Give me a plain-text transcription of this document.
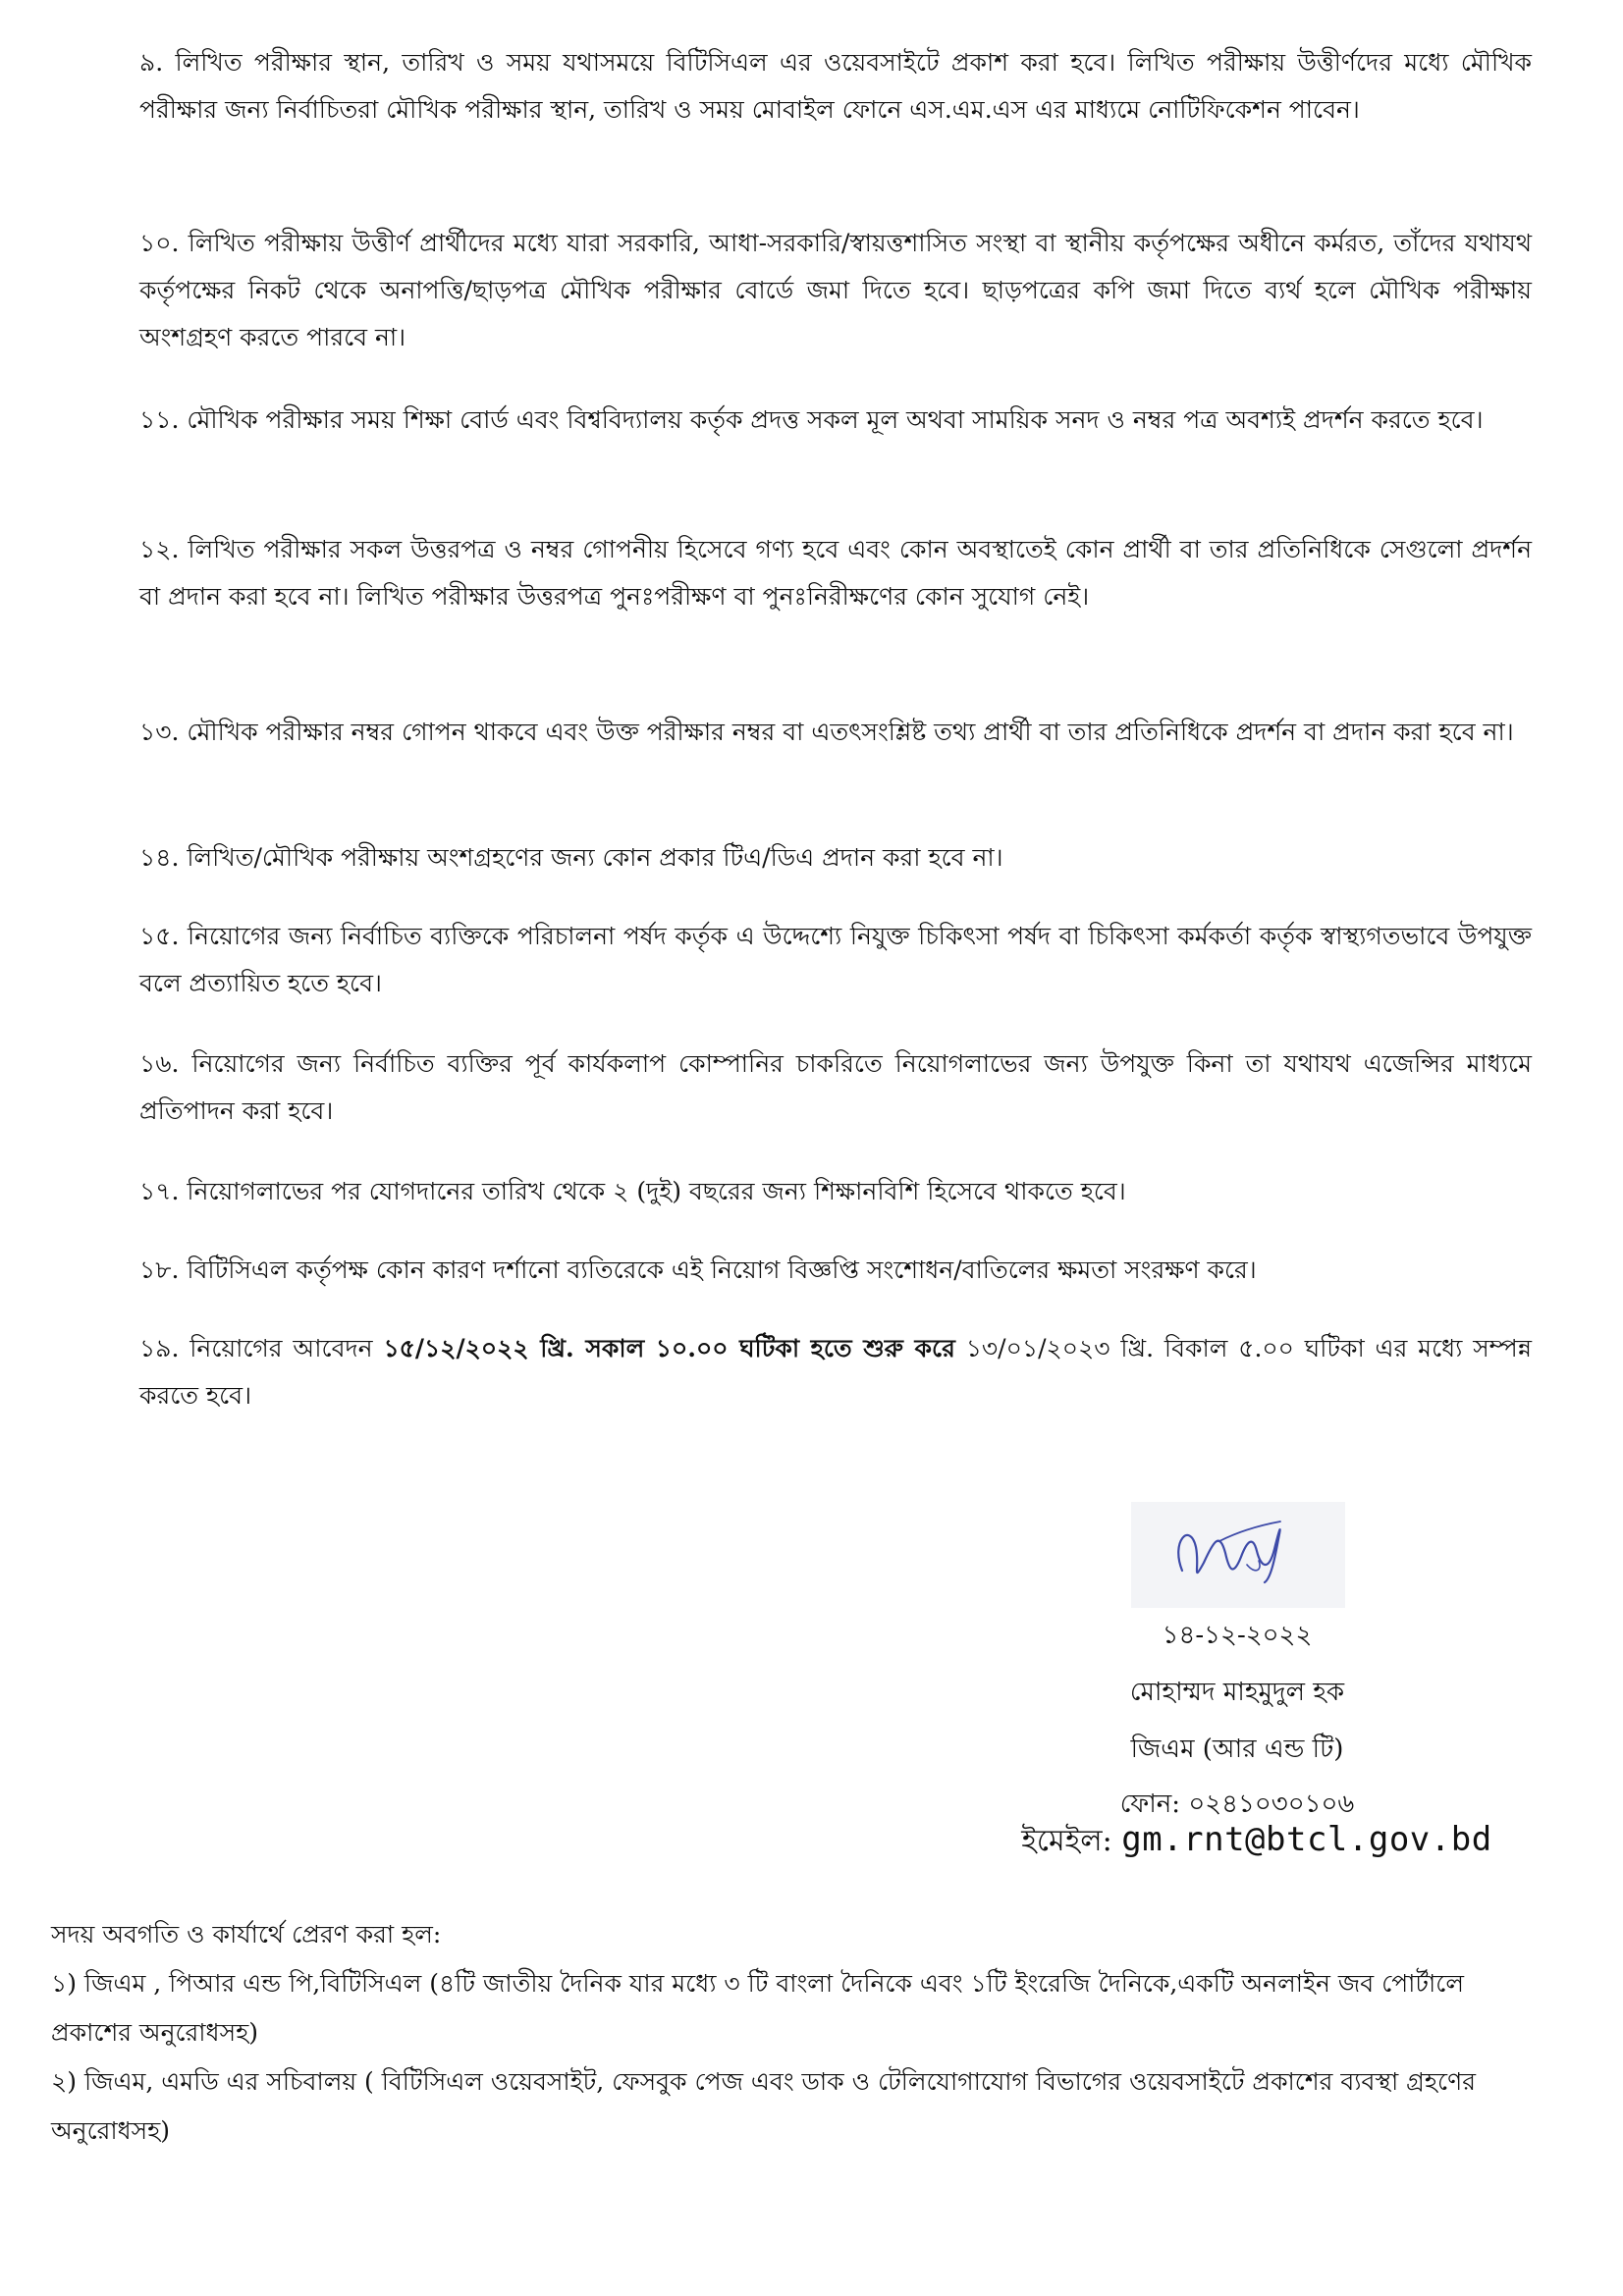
৯. লিখিত পরীক্ষার স্থান, তারিখ ও সময় যথাসময়ে বিটিসিএল এর ওয়েবসাইটে প্রকাশ করা হবে। লিখিত পরীক্ষায় উত্তীর্ণদের মধ্যে মৌখিক পরীক্ষার জন্য নির্বাচিতরা মৌখিক পরীক্ষার স্থান, তারিখ ও সময় মোবাইল ফোনে এস.এম.এস এর মাধ্যমে নোটিফিকেশন পাবেন।

১০. লিখিত পরীক্ষায় উত্তীর্ণ প্রার্থীদের মধ্যে যারা সরকারি, আধা-সরকারি/স্বায়ত্তশাসিত সংস্থা বা স্থানীয় কর্তৃপক্ষের অধীনে কর্মরত, তাঁদের যথাযথ কর্তৃপক্ষের নিকট থেকে অনাপত্তি/ছাড়পত্র মৌখিক পরীক্ষার বোর্ডে জমা দিতে হবে। ছাড়পত্রের কপি জমা দিতে ব্যর্থ হলে মৌখিক পরীক্ষায় অংশগ্রহণ করতে পারবে না।

১১. মৌখিক পরীক্ষার সময় শিক্ষা বোর্ড এবং বিশ্ববিদ্যালয় কর্তৃক প্রদত্ত সকল মূল অথবা সাময়িক সনদ ও নম্বর পত্র অবশ্যই প্রদর্শন করতে হবে।

১২. লিখিত পরীক্ষার সকল উত্তরপত্র ও নম্বর গোপনীয় হিসেবে গণ্য হবে এবং কোন অবস্থাতেই কোন প্রার্থী বা তার প্রতিনিধিকে সেগুলো প্রদর্শন বা প্রদান করা হবে না। লিখিত পরীক্ষার উত্তরপত্র পুনঃপরীক্ষণ বা পুনঃনিরীক্ষণের কোন সুযোগ নেই।

১৩. মৌখিক পরীক্ষার নম্বর গোপন থাকবে এবং উক্ত পরীক্ষার নম্বর বা এতৎসংশ্লিষ্ট তথ্য প্রার্থী বা তার প্রতিনিধিকে প্রদর্শন বা প্রদান করা হবে না।

১৪. লিখিত/মৌখিক পরীক্ষায় অংশগ্রহণের জন্য কোন প্রকার টিএ/ডিএ প্রদান করা হবে না।

১৫. নিয়োগের জন্য নির্বাচিত ব্যক্তিকে পরিচালনা পর্ষদ কর্তৃক এ উদ্দেশ্যে নিযুক্ত চিকিৎসা পর্ষদ বা চিকিৎসা কর্মকর্তা কর্তৃক স্বাস্থ্যগতভাবে উপযুক্ত বলে প্রত্যায়িত হতে হবে।

১৬. নিয়োগের জন্য নির্বাচিত ব্যক্তির পূর্ব কার্যকলাপ কোম্পানির চাকরিতে নিয়োগলাভের জন্য উপযুক্ত কিনা তা যথাযথ এজেন্সির মাধ্যমে প্রতিপাদন করা হবে।

১৭. নিয়োগলাভের পর যোগদানের তারিখ থেকে ২ (দুই) বছরের জন্য শিক্ষানবিশি হিসেবে থাকতে হবে।

১৮. বিটিসিএল কর্তৃপক্ষ কোন কারণ দর্শানো ব্যতিরেকে এই নিয়োগ বিজ্ঞপ্তি সংশোধন/বাতিলের ক্ষমতা সংরক্ষণ করে।

১৯. নিয়োগের আবেদন ১৫/১২/২০২২ খ্রি. সকাল ১০.০০ ঘটিকা হতে শুরু করে ১৩/০১/২০২৩ খ্রি. বিকাল ৫.০০ ঘটিকা এর মধ্যে সম্পন্ন করতে হবে।

১৪-১২-২০২২
মোহাম্মদ মাহমুদুল হক
জিএম (আর এন্ড টি)
ফোন: ০২৪১০৩০১০৬
ইমেইল: gm.rnt@btcl.gov.bd

সদয় অবগতি ও কার্যার্থে প্রেরণ করা হল:

১) জিএম , পিআর এন্ড পি,বিটিসিএল (৪টি জাতীয় দৈনিক যার মধ্যে ৩ টি বাংলা দৈনিকে এবং ১টি ইংরেজি দৈনিকে,একটি অনলাইন জব পোর্টালে প্রকাশের অনুরোধসহ)

২) জিএম, এমডি এর সচিবালয় ( বিটিসিএল ওয়েবসাইট, ফেসবুক পেজ এবং ডাক ও টেলিযোগাযোগ বিভাগের ওয়েবসাইটে প্রকাশের ব্যবস্থা গ্রহণের অনুরোধসহ)
